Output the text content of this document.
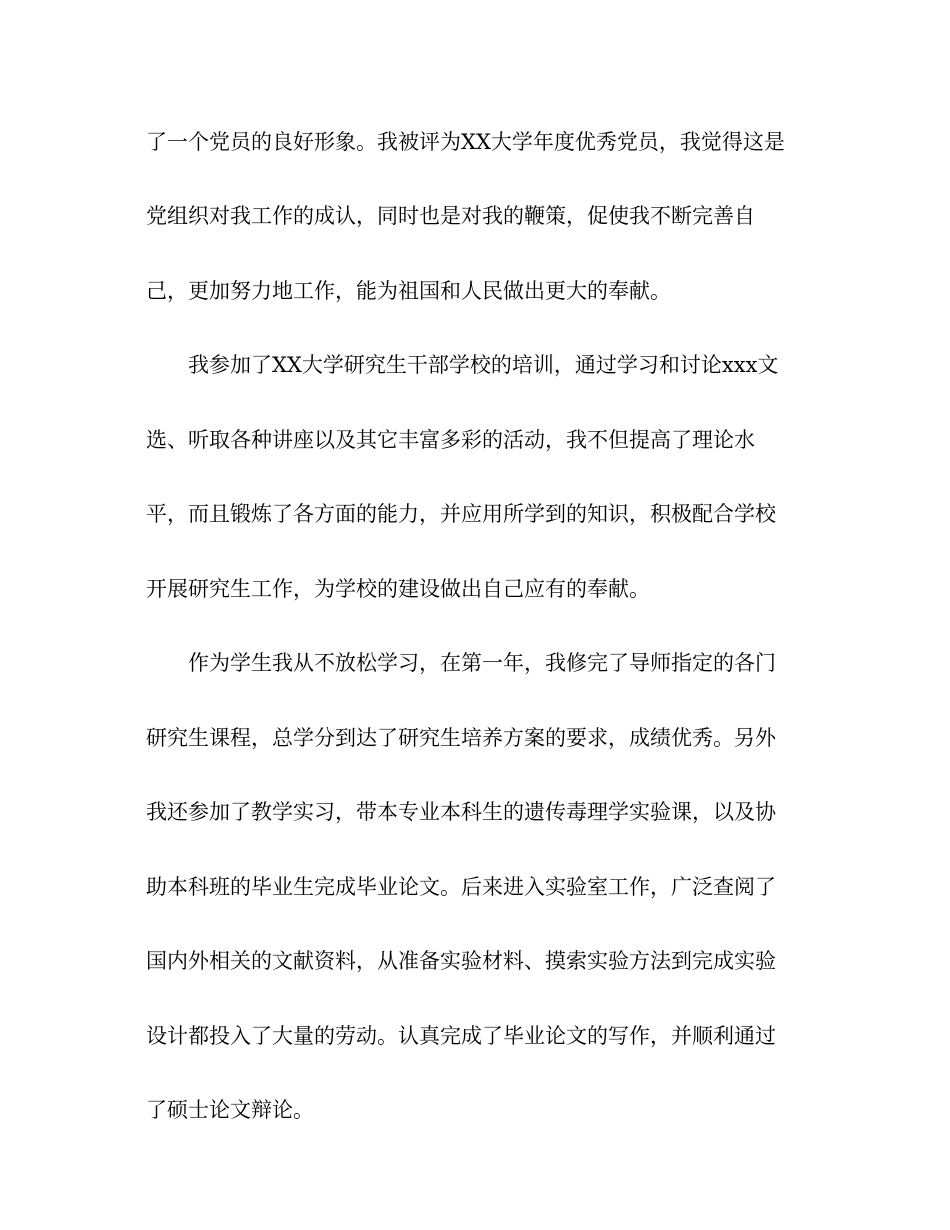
了一个党员的良好形象。我被评为XX大学年度优秀党员，我觉得这是
党组织对我工作的成认，同时也是对我的鞭策，促使我不断完善自
己，更加努力地工作，能为祖国和人民做出更大的奉献。
我参加了XX大学研究生干部学校的培训，通过学习和讨论xxx文
选、听取各种讲座以及其它丰富多彩的活动，我不但提高了理论水
平，而且锻炼了各方面的能力，并应用所学到的知识，积极配合学校
开展研究生工作，为学校的建设做出自己应有的奉献。
作为学生我从不放松学习，在第一年，我修完了导师指定的各门
研究生课程，总学分到达了研究生培养方案的要求，成绩优秀。另外
我还参加了教学实习，带本专业本科生的遗传毒理学实验课，以及协
助本科班的毕业生完成毕业论文。后来进入实验室工作，广泛查阅了
国内外相关的文献资料，从准备实验材料、摸索实验方法到完成实验
设计都投入了大量的劳动。认真完成了毕业论文的写作，并顺利通过
了硕士论文辩论。
